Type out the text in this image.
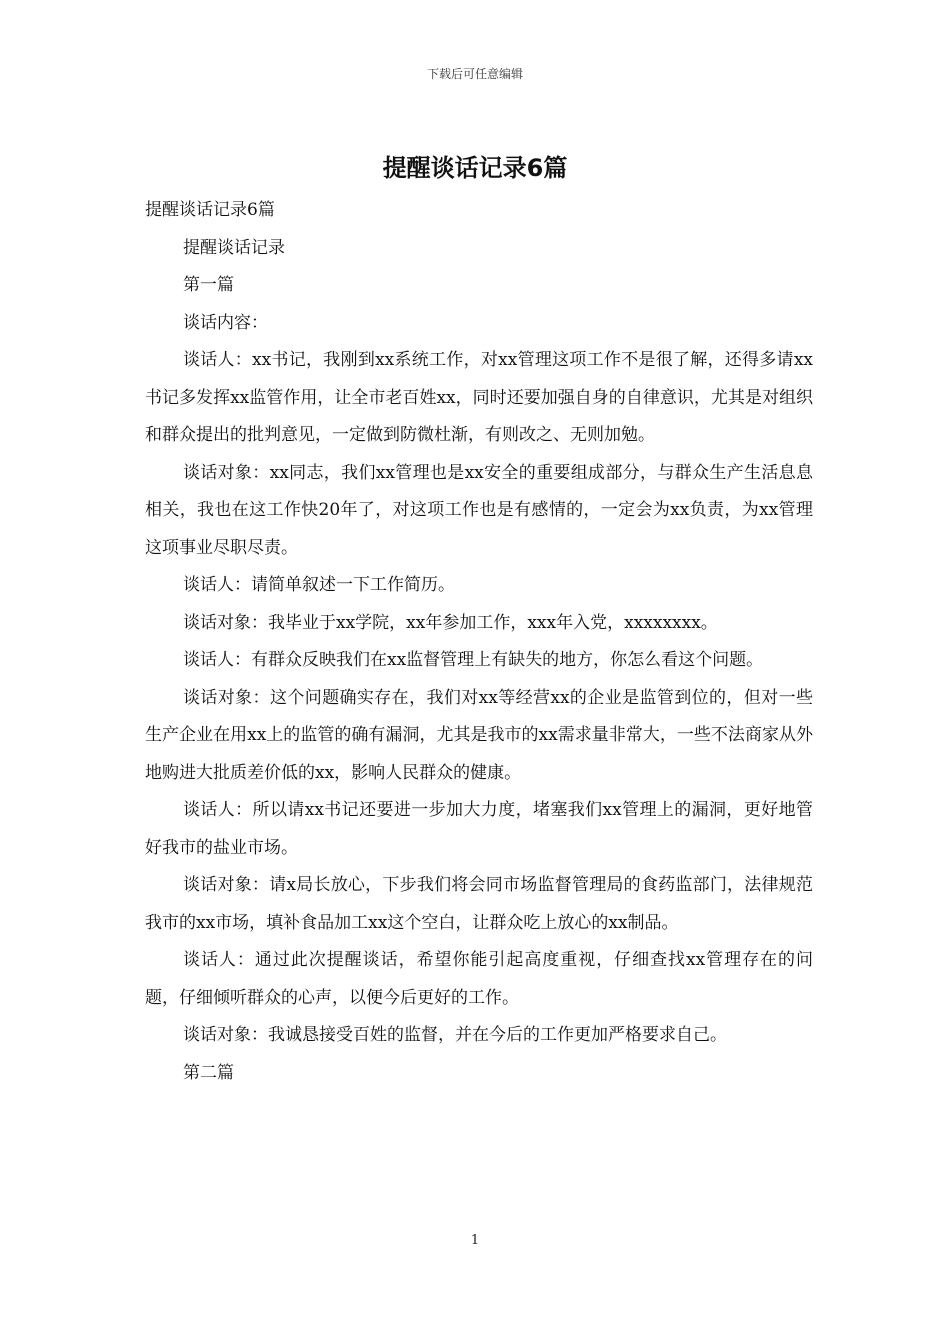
下载后可任意编辑
提醒谈话记录6篇

提醒谈话记录6篇

提醒谈话记录

第一篇

谈话内容：

谈话人：xx书记，我刚到xx系统工作，对xx管理这项工作不是很了解，还得多请xx书记多发挥xx监管作用，让全市老百姓xx，同时还要加强自身的自律意识，尤其是对组织和群众提出的批判意见，一定做到防微杜渐，有则改之、无则加勉。

谈话对象：xx同志，我们xx管理也是xx安全的重要组成部分，与群众生产生活息息相关，我也在这工作快20年了，对这项工作也是有感情的，一定会为xx负责，为xx管理这项事业尽职尽责。

谈话人：请简单叙述一下工作简历。

谈话对象：我毕业于xx学院，xx年参加工作，xxx年入党，xxxxxxxx。

谈话人：有群众反映我们在xx监督管理上有缺失的地方，你怎么看这个问题。

谈话对象：这个问题确实存在，我们对xx等经营xx的企业是监管到位的，但对一些生产企业在用xx上的监管的确有漏洞，尤其是我市的xx需求量非常大，一些不法商家从外地购进大批质差价低的xx，影响人民群众的健康。

谈话人：所以请xx书记还要进一步加大力度，堵塞我们xx管理上的漏洞，更好地管好我市的盐业市场。

谈话对象：请x局长放心，下步我们将会同市场监督管理局的食药监部门，法律规范我市的xx市场，填补食品加工xx这个空白，让群众吃上放心的xx制品。

谈话人：通过此次提醒谈话，希望你能引起高度重视，仔细查找xx管理存在的问题，仔细倾听群众的心声，以便今后更好的工作。

谈话对象：我诚恳接受百姓的监督，并在今后的工作更加严格要求自己。

第二篇

1
